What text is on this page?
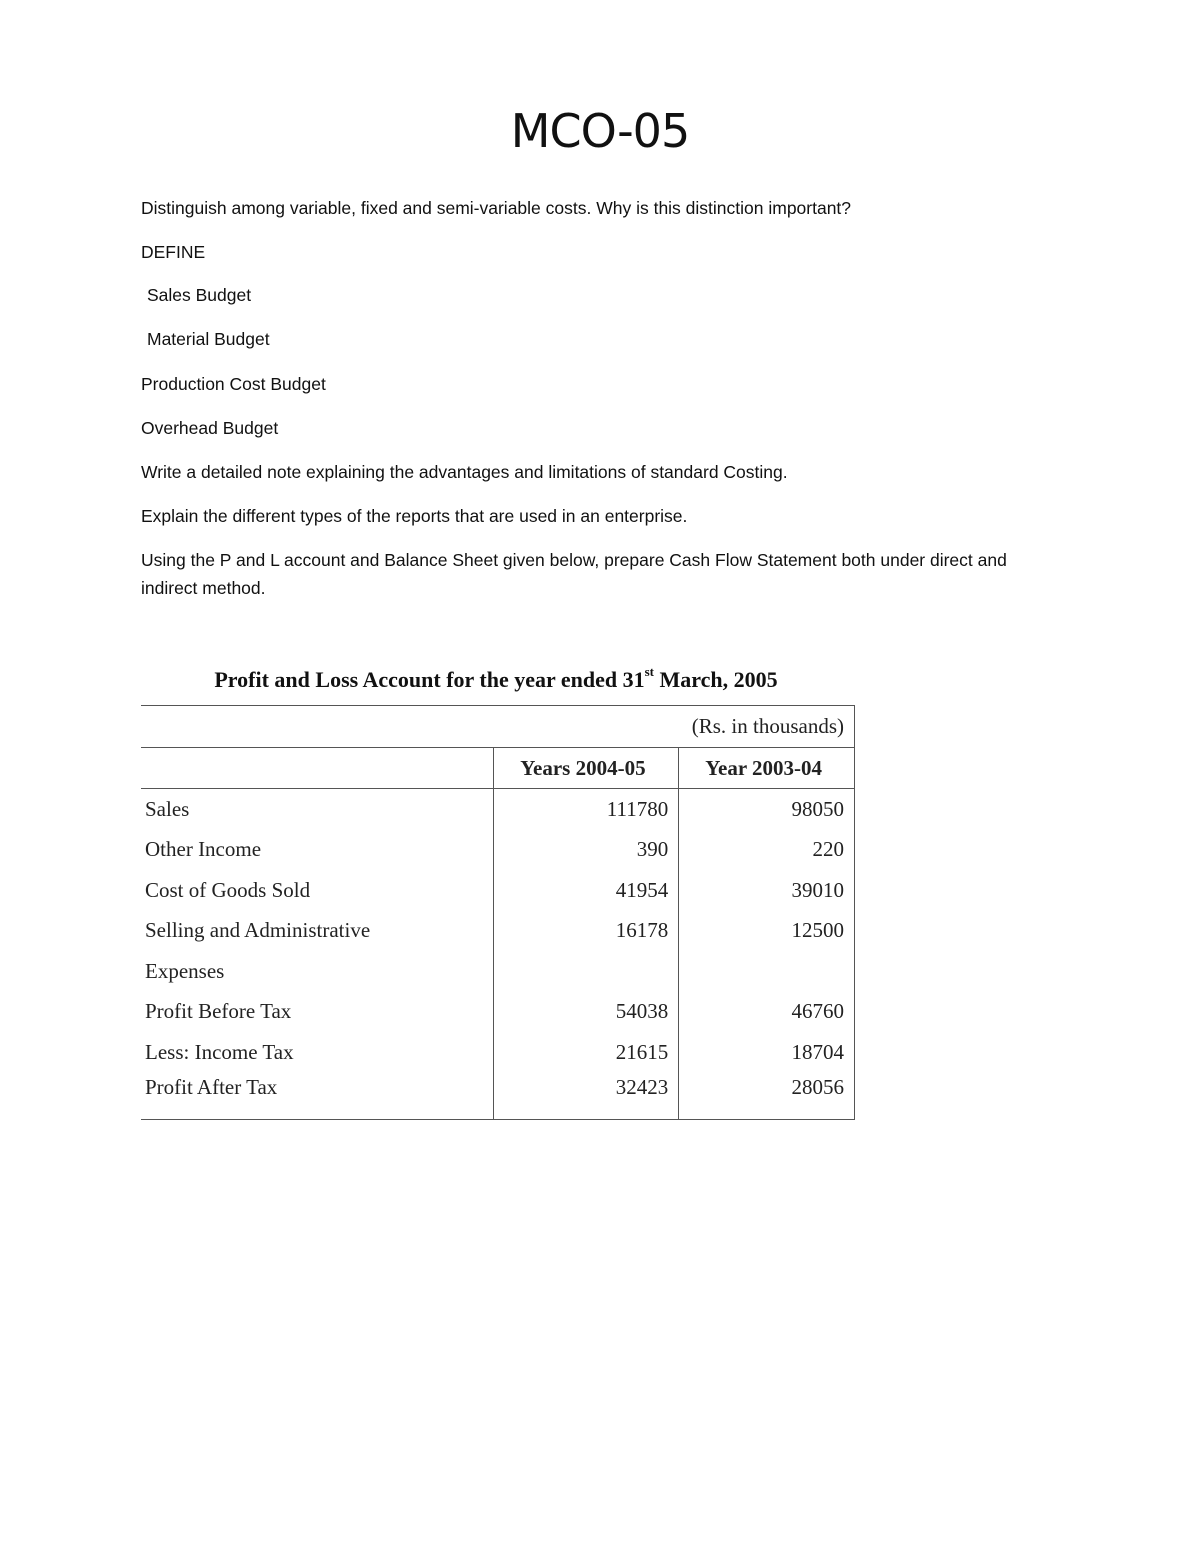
MCO-05

Distinguish among variable, fixed and semi-variable costs. Why is this distinction important?

DEFINE

Sales Budget

Material Budget

Production Cost Budget

Overhead Budget

Write a detailed note explaining the advantages and limitations of standard Costing.

Explain the different types of the reports that are used in an enterprise.

Using the P and L account and Balance Sheet given below, prepare Cash Flow Statement both under direct and indirect method.

Profit and Loss Account for the year ended 31st March, 2005
(Rs. in thousands)		
	Years 2004-05	Year 2003-04
Sales	111780	98050
Other Income	390	220
Cost of Goods Sold	41954	39010
Selling and Administrative	16178	12500
Expenses		
Profit Before Tax	54038	46760
Less: Income Tax	21615	18704
Profit After Tax	32423	28056
